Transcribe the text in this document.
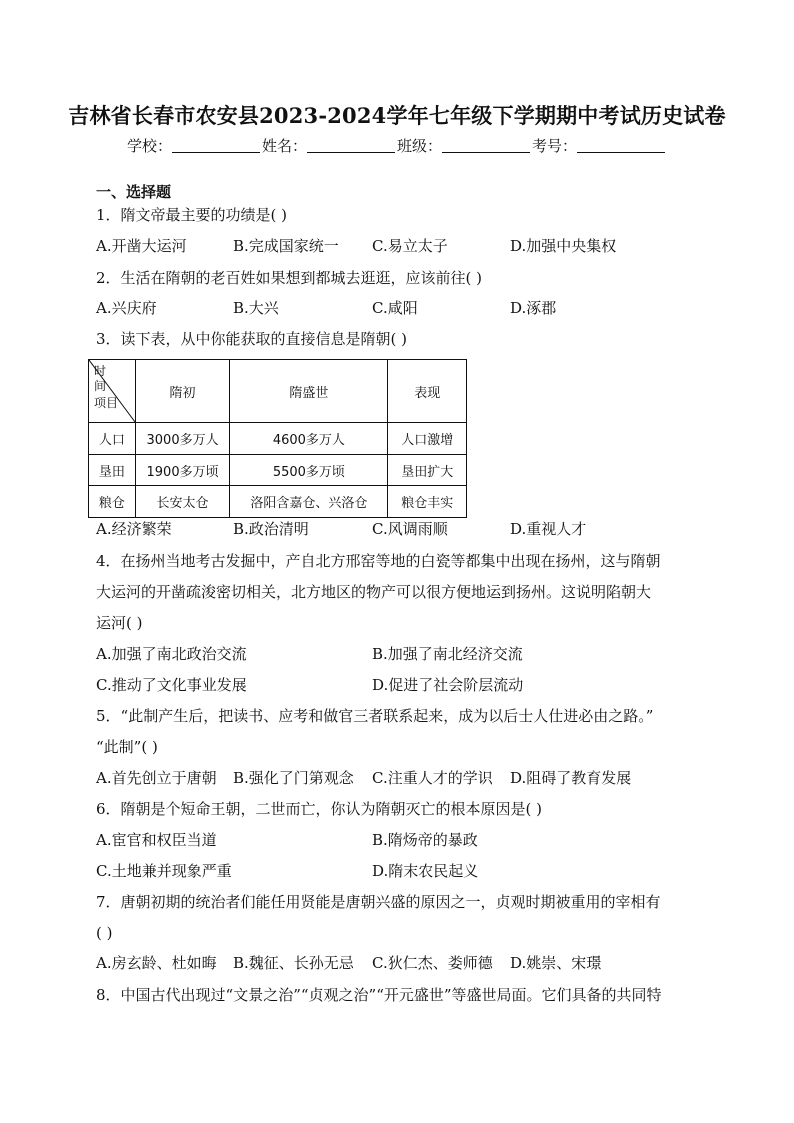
吉林省长春市农安县2023-2024学年七年级下学期期中考试历史试卷
学校：	姓名：	班级：	考号：
一、选择题
1．隋文帝最主要的功绩是( )
A.开凿大运河	B.完成国家统一 C.易立太子	D.加强中央集权
2．生活在隋朝的老百姓如果想到都城去逛逛，应该前往( )
A.兴庆府	B.大兴	C.咸阳	D.涿郡
3．读下表，从中你能获取的直接信息是隋朝( )
时间
项目	隋初	隋盛世	表现
人口	3000多万人	4600多万人	人口激增
垦田	1900多万顷	5500多万顷	垦田扩大
粮仓	长安太仓	洛阳含嘉仓、兴洛仓	粮仓丰实
A.经济繁荣	B.政治清明	C.风调雨顺	D.重视人才
4．在扬州当地考古发掘中，产自北方邢窑等地的白瓷等都集中出现在扬州，这与隋朝
大运河的开凿疏浚密切相关，北方地区的物产可以很方便地运到扬州。这说明陷朝大
运河( )
A.加强了南北政治交流	B.加强了南北经济交流
C.推动了文化事业发展	D.促进了社会阶层流动
5．“此制产生后，把读书、应考和做官三者联系起来，成为以后士人仕进必由之路。”
“此制”( )
A.首先创立于唐朝 B.强化了门第观念 C.注重人才的学识 D.阻碍了教育发展
6．隋朝是个短命王朝，二世而亡，你认为隋朝灭亡的根本原因是( )
A.宦官和权臣当道	B.隋炀帝的暴政
C.土地兼并现象严重	D.隋末农民起义
7．唐朝初期的统治者们能任用贤能是唐朝兴盛的原因之一，贞观时期被重用的宰相有
( )
A.房玄龄、杜如晦 B.魏征、长孙无忌 C.狄仁杰、娄师德 D.姚崇、宋璟
8．中国古代出现过“文景之治”“贞观之治”“开元盛世”等盛世局面。它们具备的共同特
